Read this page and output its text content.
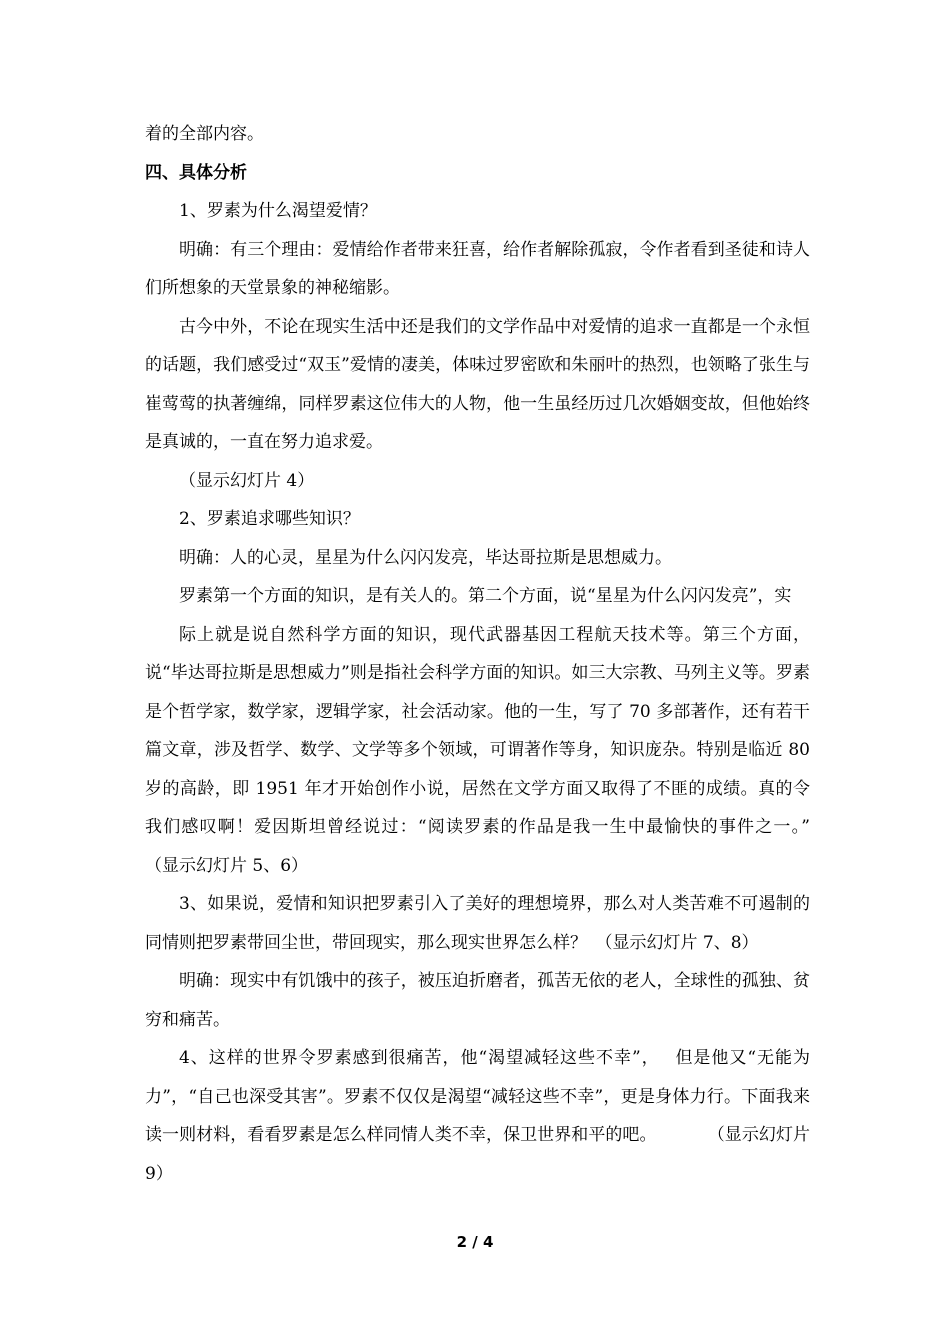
着的全部内容。

四、具体分析

1、罗素为什么渴望爱情？

明确：有三个理由：爱情给作者带来狂喜，给作者解除孤寂，令作者看到圣徒和诗人们所想象的天堂景象的神秘缩影。

古今中外，不论在现实生活中还是我们的文学作品中对爱情的追求一直都是一个永恒的话题，我们感受过“双玉”爱情的凄美，体味过罗密欧和朱丽叶的热烈，也领略了张生与崔莺莺的执著缠绵，同样罗素这位伟大的人物，他一生虽经历过几次婚姻变故，但他始终是真诚的，一直在努力追求爱。

（显示幻灯片 4）

2、罗素追求哪些知识？

明确：人的心灵，星星为什么闪闪发亮，毕达哥拉斯是思想威力。

罗素第一个方面的知识，是有关人的。第二个方面，说“星星为什么闪闪发亮”，实

际上就是说自然科学方面的知识，现代武器基因工程航天技术等。第三个方面，说“毕达哥拉斯是思想威力”则是指社会科学方面的知识。如三大宗教、马列主义等。罗素是个哲学家，数学家，逻辑学家，社会活动家。他的一生，写了 70 多部著作，还有若干篇文章，涉及哲学、数学、文学等多个领域，可谓著作等身，知识庞杂。特别是临近 80 岁的高龄，即 1951 年才开始创作小说，居然在文学方面又取得了不匪的成绩。真的令我们感叹啊！爱因斯坦曾经说过：“阅读罗素的作品是我一生中最愉快的事件之一。”　　（显示幻灯片 5、6）

3、如果说，爱情和知识把罗素引入了美好的理想境界，那么对人类苦难不可遏制的同情则把罗素带回尘世，带回现实，那么现实世界怎么样？　（显示幻灯片 7、8）

明确：现实中有饥饿中的孩子，被压迫折磨者，孤苦无依的老人，全球性的孤独、贫穷和痛苦。

4、这样的世界令罗素感到很痛苦，他“渴望减轻这些不幸”，　 但是他又“无能为力”，“自己也深受其害”。罗素不仅仅是渴望“减轻这些不幸”，更是身体力行。下面我来读一则材料，看看罗素是怎么样同情人类不幸，保卫世界和平的吧。　　　　（显示幻灯片 9）

2 / 4
